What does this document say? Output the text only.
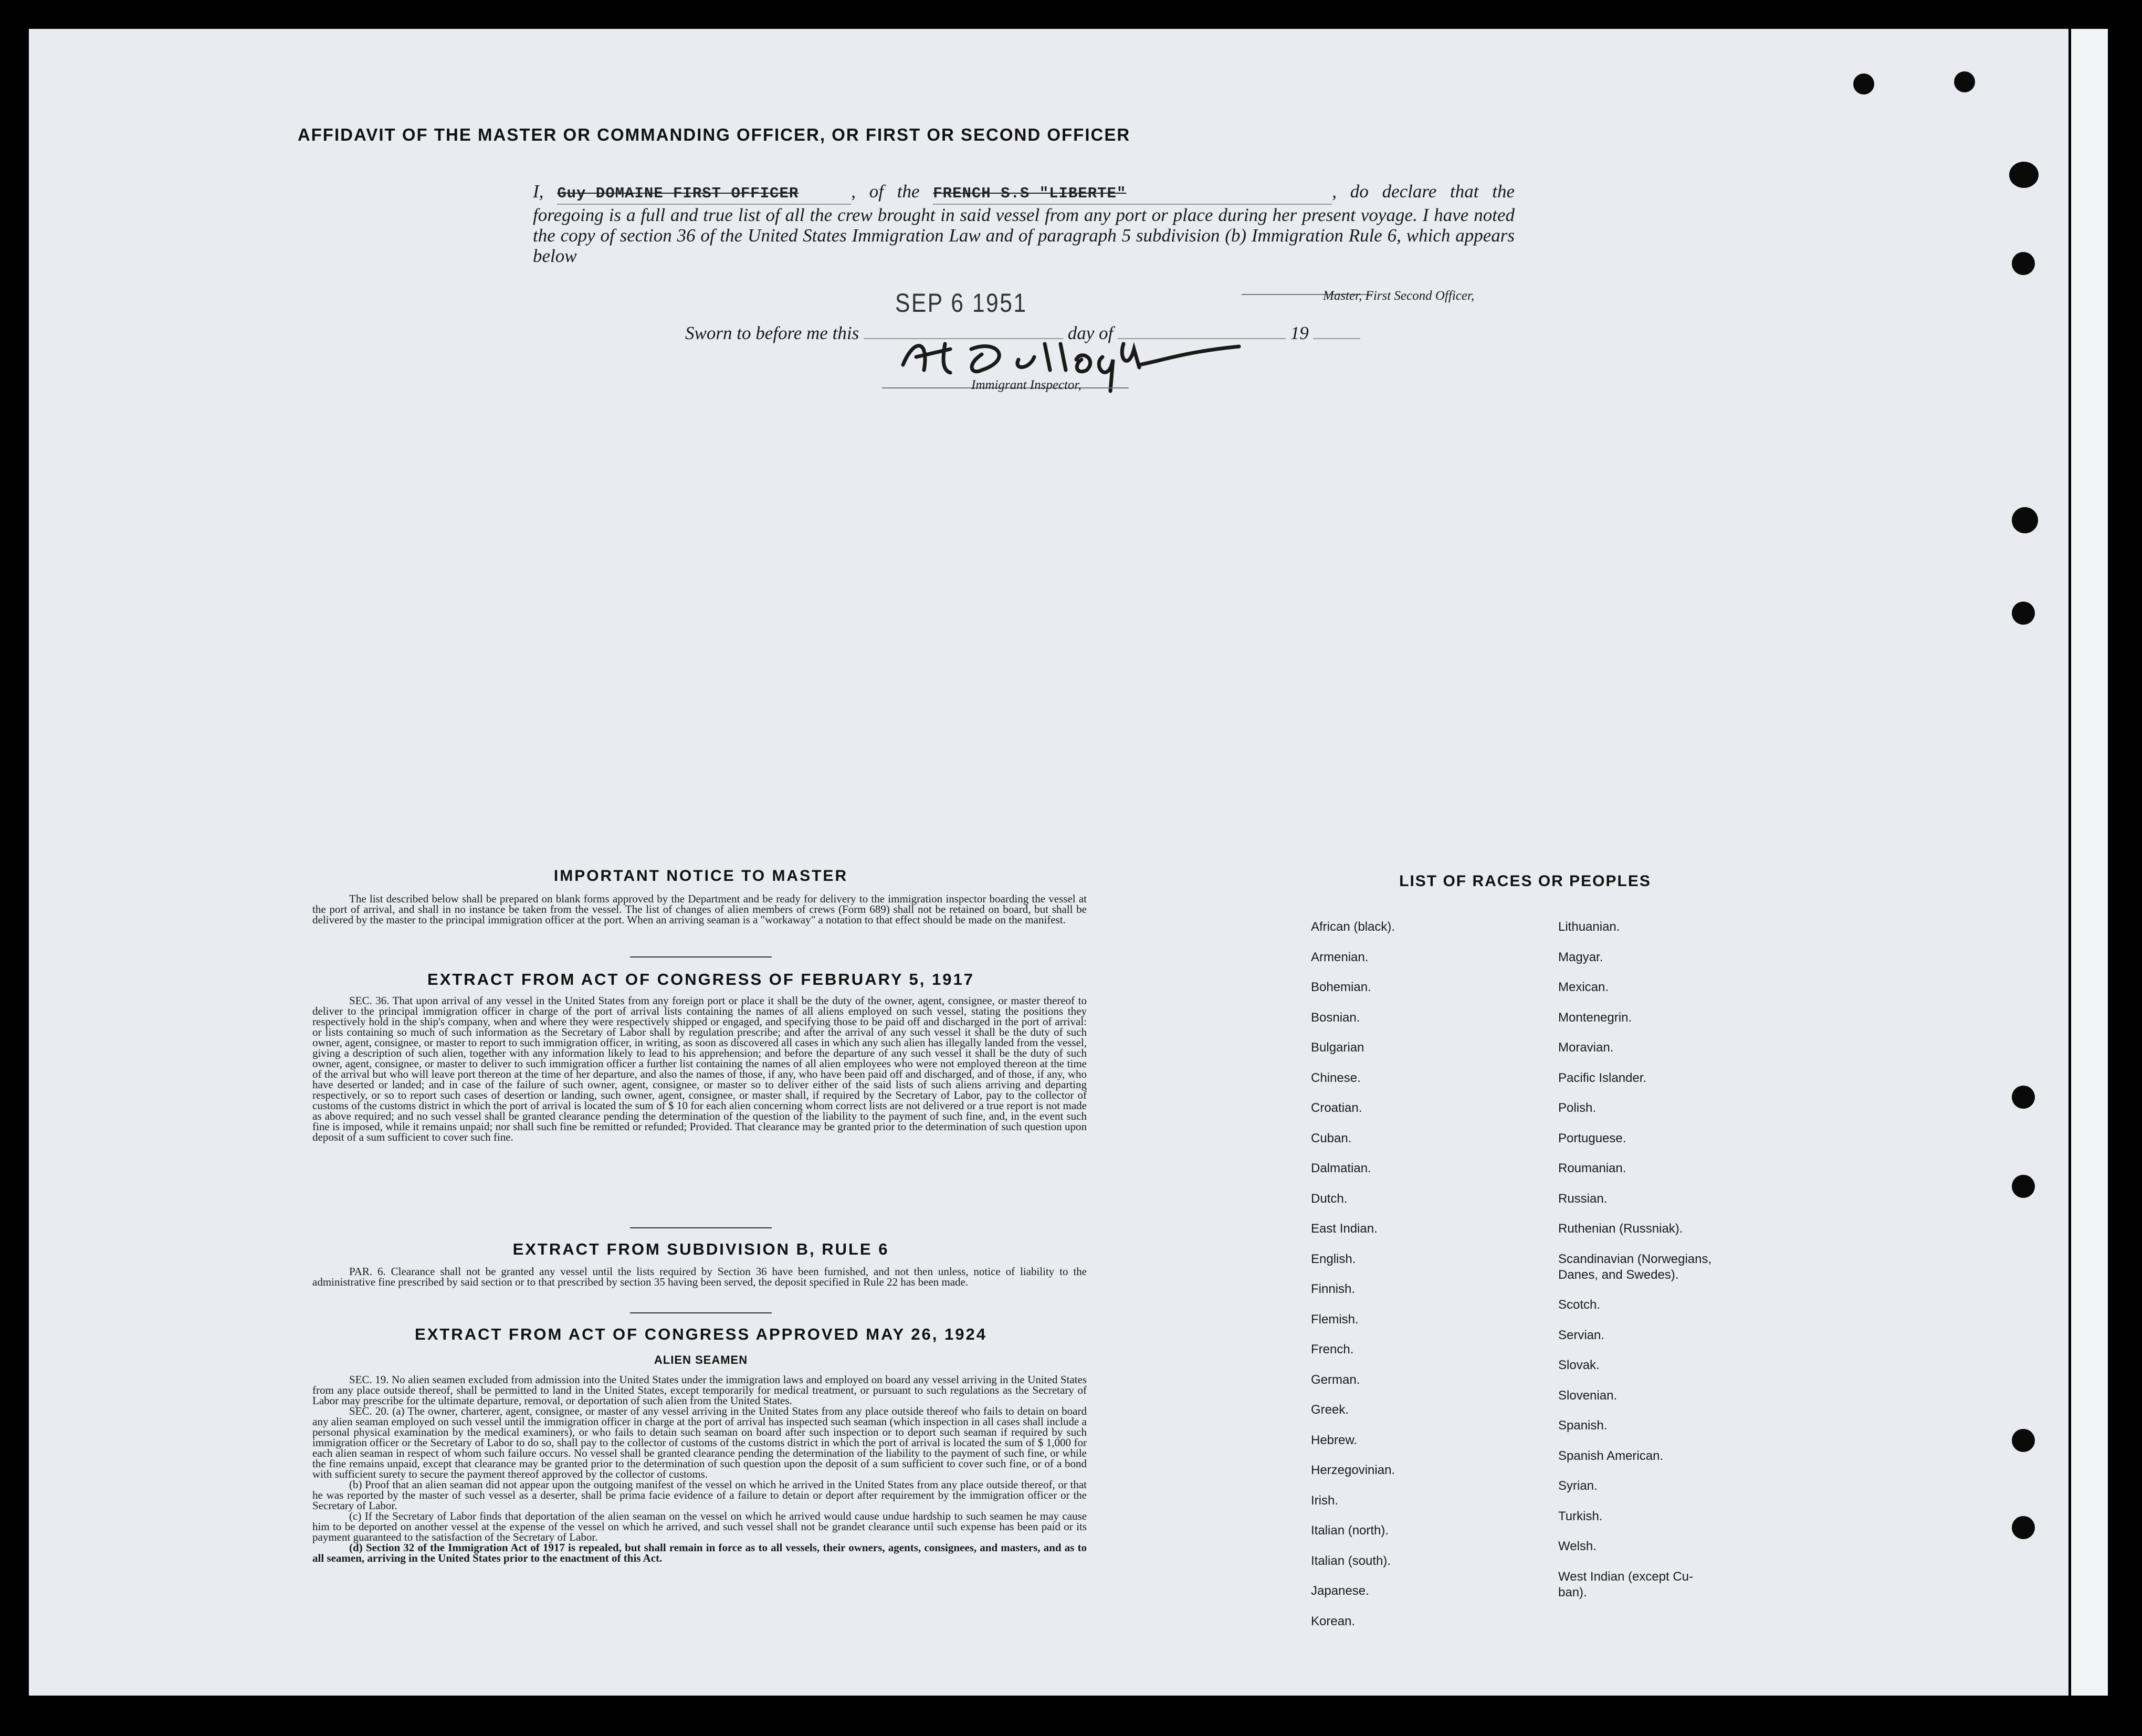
AFFIDAVIT OF THE MASTER OR COMMANDING OFFICER, OR FIRST OR SECOND OFFICER
I, Guy DOMAINE FIRST OFFICER	, of the FRENCH S.S "LIBERTE"	, do declare that the foregoing is a full and true list of all the crew brought in said vessel from any port or place during her present voyage. I have noted the copy of section 36 of the United States Immigration Law and of paragraph 5 subdivision (b) Immigration Rule 6, which appears below
Master, First Second Officer,
SEP 6 1951
Sworn to before me this	day of	19
Immigrant Inspector,
IMPORTANT NOTICE TO MASTER

The list described below shall be prepared on blank forms approved by the Department and be ready for delivery to the immigration inspector boarding the vessel at the port of arrival, and shall in no instance be taken from the vessel. The list of changes of alien members of crews (Form 689) shall not be retained on board, but shall be delivered by the master to the principal immigration officer at the port. When an arriving seaman is a "workaway" a notation to that effect should be made on the manifest.

EXTRACT FROM ACT OF CONGRESS OF FEBRUARY 5, 1917

SEC. 36. That upon arrival of any vessel in the United States from any foreign port or place it shall be the duty of the owner, agent, consignee, or master thereof to deliver to the principal immigration officer in charge of the port of arrival lists containing the names of all aliens employed on such vessel, stating the positions they respectively hold in the ship's company, when and where they were respectively shipped or engaged, and specifying those to be paid off and discharged in the port of arrival: or lists containing so much of such information as the Secretary of Labor shall by regulation prescribe; and after the arrival of any such vessel it shall be the duty of such owner, agent, consignee, or master to report to such immigration officer, in writing, as soon as discovered all cases in which any such alien has illegally landed from the vessel, giving a description of such alien, together with any information likely to lead to his apprehension; and before the departure of any such vessel it shall be the duty of such owner, agent, consignee, or master to deliver to such immigration officer a further list containing the names of all alien employees who were not employed thereon at the time of the arrival but who will leave port thereon at the time of her departure, and also the names of those, if any, who have been paid off and discharged, and of those, if any, who have deserted or landed; and in case of the failure of such owner, agent, consignee, or master so to deliver either of the said lists of such aliens arriving and departing respectively, or so to report such cases of desertion or landing, such owner, agent, consignee, or master shall, if required by the Secretary of Labor, pay to the collector of customs of the customs district in which the port of arrival is located the sum of $ 10 for each alien concerning whom correct lists are not delivered or a true report is not made as above required; and no such vessel shall be granted clearance pending the determination of the question of the liability to the payment of such fine, and, in the event such fine is imposed, while it remains unpaid; nor shall such fine be remitted or refunded; Provided. That clearance may be granted prior to the determination of such question upon deposit of a sum sufficient to cover such fine.

EXTRACT FROM SUBDIVISION B, RULE 6

PAR. 6. Clearance shall not be granted any vessel until the lists required by Section 36 have been furnished, and not then unless, notice of liability to the administrative fine prescribed by said section or to that prescribed by section 35 having been served, the deposit specified in Rule 22 has been made.

EXTRACT FROM ACT OF CONGRESS APPROVED MAY 26, 1924
ALIEN SEAMEN

SEC. 19. No alien seamen excluded from admission into the United States under the immigration laws and employed on board any vessel arriving in the United States from any place outside thereof, shall be permitted to land in the United States, except temporarily for medical treatment, or pursuant to such regulations as the Secretary of Labor may prescribe for the ultimate departure, removal, or deportation of such alien from the United States.

SEC. 20. (a) The owner, charterer, agent, consignee, or master of any vessel arriving in the United States from any place outside thereof who fails to detain on board any alien seaman employed on such vessel until the immigration officer in charge at the port of arrival has inspected such seaman (which inspection in all cases shall include a personal physical examination by the medical examiners), or who fails to detain such seaman on board after such inspection or to deport such seaman if required by such immigration officer or the Secretary of Labor to do so, shall pay to the collector of customs of the customs district in which the port of arrival is located the sum of $ 1,000 for each alien seaman in respect of whom such failure occurs. No vessel shall be granted clearance pending the determination of the liability to the payment of such fine, or while the fine remains unpaid, except that clearance may be granted prior to the determination of such question upon the deposit of a sum sufficient to cover such fine, or of a bond with sufficient surety to secure the payment thereof approved by the collector of customs.

(b) Proof that an alien seaman did not appear upon the outgoing manifest of the vessel on which he arrived in the United States from any place outside thereof, or that he was reported by the master of such vessel as a deserter, shall be prima facie evidence of a failure to detain or deport after requirement by the immigration officer or the Secretary of Labor.

(c) If the Secretary of Labor finds that deportation of the alien seaman on the vessel on which he arrived would cause undue hardship to such seamen he may cause him to be deported on another vessel at the expense of the vessel on which he arrived, and such vessel shall not be grandet clearance until such expense has been paid or its payment guaranteed to the satisfaction of the Secretary of Labor.

(d) Section 32 of the Immigration Act of 1917 is repealed, but shall remain in force as to all vessels, their owners, agents, consignees, and masters, and as to all seamen, arriving in the United States prior to the enactment of this Act.

LIST OF RACES OR PEOPLES
African (black).
Armenian.
Bohemian.
Bosnian.
Bulgarian
Chinese.
Croatian.
Cuban.
Dalmatian.
Dutch.
East Indian.
English.
Finnish.
Flemish.
French.
German.
Greek.
Hebrew.
Herzegovinian.
Irish.
Italian (north).
Italian (south).
Japanese.
Korean.
Lithuanian.
Magyar.
Mexican.
Montenegrin.
Moravian.
Pacific Islander.
Polish.
Portuguese.
Roumanian.
Russian.
Ruthenian (Russniak).
Scandinavian (Norwegians,
Danes, and Swedes).
Scotch.
Servian.
Slovak.
Slovenian.
Spanish.
Spanish American.
Syrian.
Turkish.
Welsh.
West Indian (except Cu-
ban).
